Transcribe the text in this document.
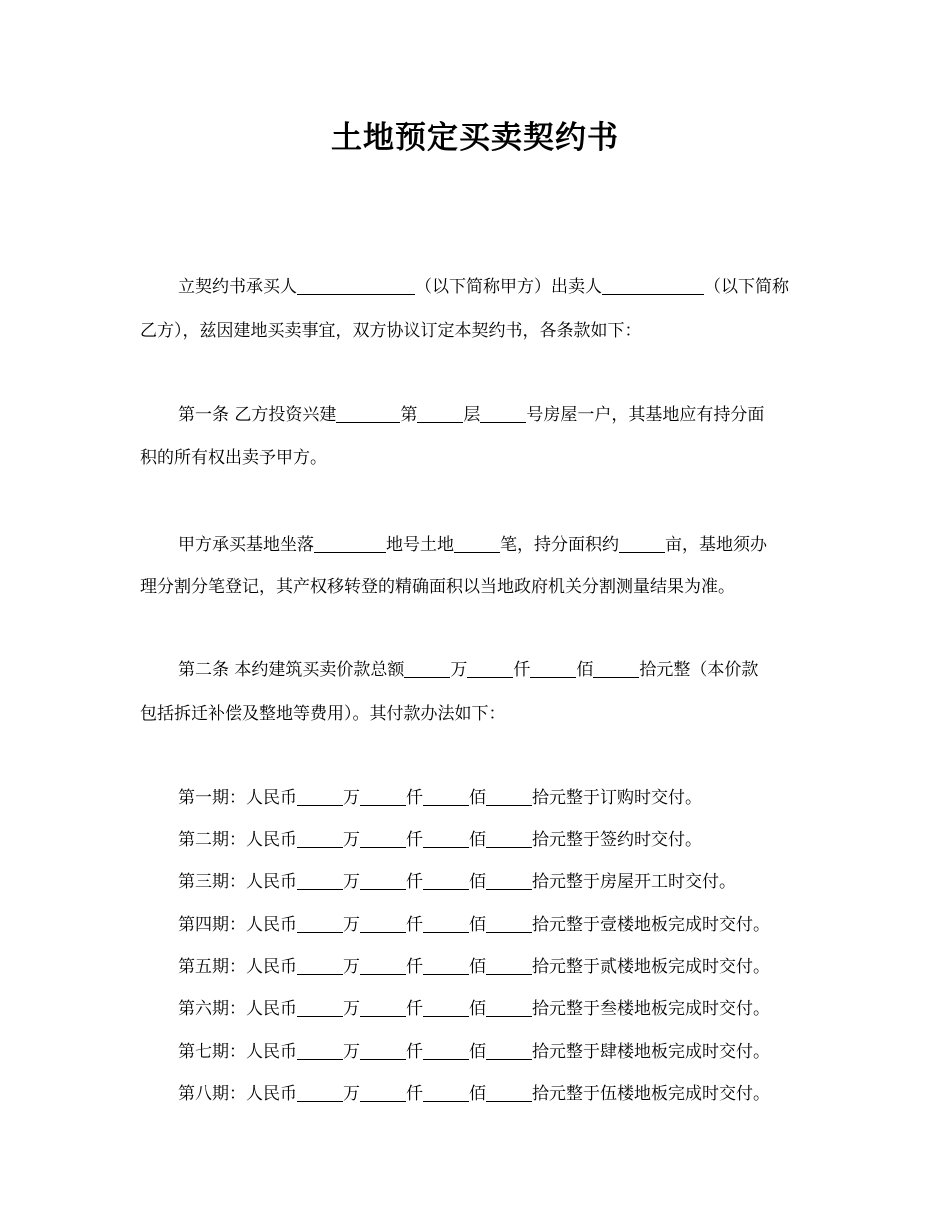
土地预定买卖契约书
立契约书承买人	（以下简称甲方）出卖人	（以下简称
乙方），兹因建地买卖事宜，双方协议订定本契约书，各条款如下：
第一条 乙方投资兴建	第	层	号房屋一户，其基地应有持分面
积的所有权出卖予甲方。
甲方承买基地坐落	地号土地	笔，持分面积约	亩，基地须办
理分割分笔登记，其产权移转登的精确面积以当地政府机关分割测量结果为准。
第二条 本约建筑买卖价款总额	万	仟	佰	拾元整（本价款
包括拆迁补偿及整地等费用）。其付款办法如下：
第一期：人民币	万	仟	佰	拾元整于订购时交付。
第二期：人民币	万	仟	佰	拾元整于签约时交付。
第三期：人民币	万	仟	佰	拾元整于房屋开工时交付。
第四期：人民币	万	仟	佰	拾元整于壹楼地板完成时交付。
第五期：人民币	万	仟	佰	拾元整于贰楼地板完成时交付。
第六期：人民币	万	仟	佰	拾元整于叁楼地板完成时交付。
第七期：人民币	万	仟	佰	拾元整于肆楼地板完成时交付。
第八期：人民币	万	仟	佰	拾元整于伍楼地板完成时交付。
